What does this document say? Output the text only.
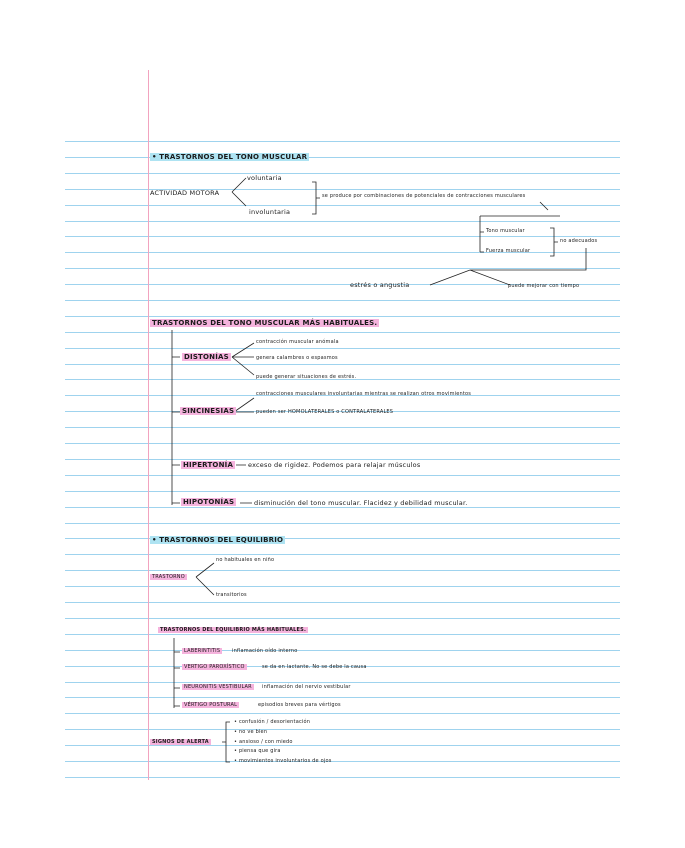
• TRASTORNOS DEL TONO MUSCULAR
ACTIVIDAD MOTORA
voluntaria
involuntaria
se produce por combinaciones de potenciales de contracciones musculares
Tono muscular
Fuerza muscular
no adecuados
estrés o angustia	puede mejorar con tiempo
TRASTORNOS DEL TONO MUSCULAR MÁS HABITUALES.
DISTONÍAS
contracción muscular anómala
genera calambres o espasmos
puede generar situaciones de estrés.
SINCINESIAS
contracciones musculares involuntarias mientras se realizan otros movimientos
pueden ser HOMOLATERALES o CONTRALATERALES
HIPERTONÍA	exceso de rigidez. Podemos para relajar músculos
HIPOTONÍAS	disminución del tono muscular. Flacidez y debilidad muscular.
• TRASTORNOS DEL EQUILIBRIO
TRASTORNO
no habituales en niño
transitorios
TRASTORNOS DEL EQUILIBRIO MÁS HABITUALES.
LABERINTITIS	inflamación oído interno
VERTIGO PAROXÍSTICO	se da en lactante. No se debe la causa
NEURONITIS VESTIBULAR	inflamación del nervio vestibular
VÉRTIGO POSTURAL	episodios breves para vértigos
SIGNOS DE ALERTA
• confusión / desorientación
• no ve bien
• ansioso / con miedo
• piensa que gira
• movimientos involuntarios de ojos
